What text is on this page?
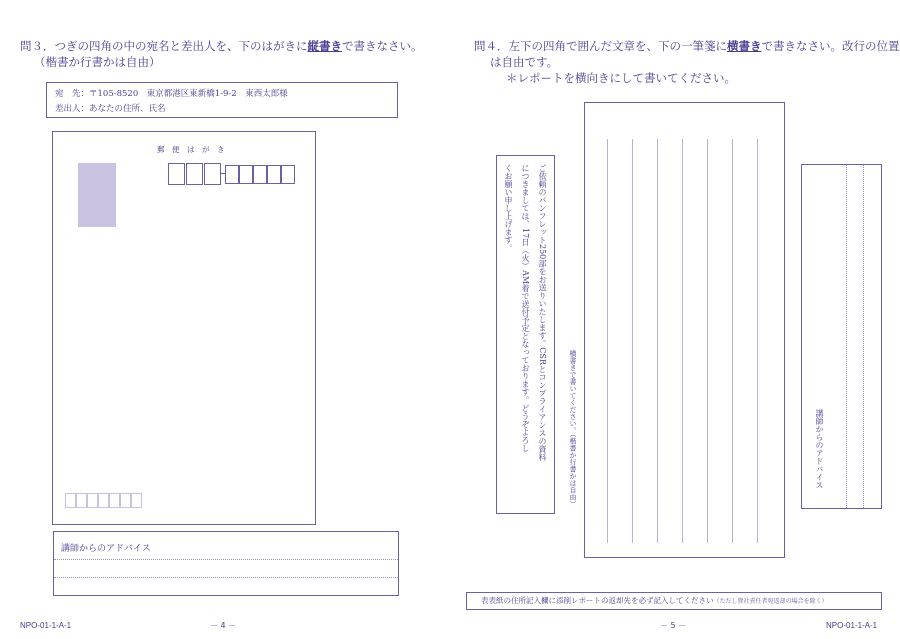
問３．つぎの四角の中の宛名と差出人を、下のはがきに縦書きで書きなさい。
（楷書か行書かは自由）
宛　先：〒105-8520　東京都港区東新橋1-9-2　東西太郎様
差出人：あなたの住所、氏名
郵　便　は　が　き
講師からのアドバイス
NPO-01-1-A-1	－ 4 －
問４．左下の四角で囲んだ文章を、下の一筆箋に横書きで書きなさい。改行の位置
は自由です。
＊レポートを横向きにして書いてください。
ご依頼のパンフレット250部をお送りいたします。CSRとコンプライアンスの資料
につきましては、17日（火）AM着で送付予定となっております。どうぞよろし
くお願い申し上げます。
横書きで書いてください。（楷書か行書かは自由）	講師からのアドバイス
表表紙の住所記入欄に添削レポートの返却先を必ず記入してください（ただし貴社責任者宛返却の場合を除く）
－ 5 －	NPO-01-1-A-1
